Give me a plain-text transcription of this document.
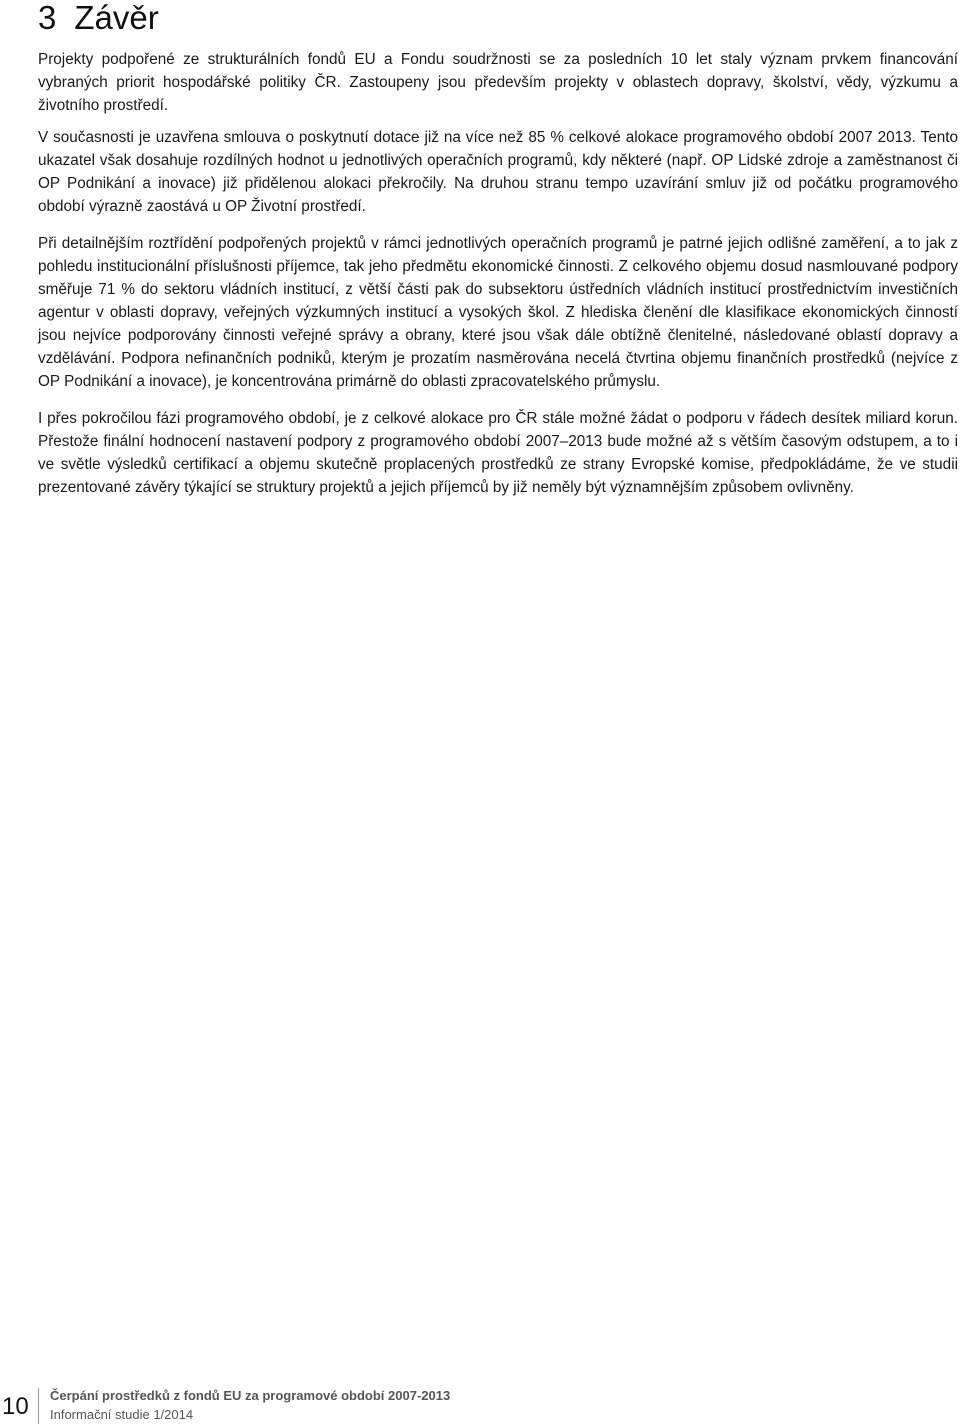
3 Závěr

Projekty podpořené ze strukturálních fondů EU a Fondu soudržnosti se za posledních 10 let staly význam prvkem financování vybraných priorit hospodářské politiky ČR. Zastoupeny jsou především projekty v oblastech dopravy, školství, vědy, výzkumu a životního prostředí.

V současnosti je uzavřena smlouva o poskytnutí dotace již na více než 85 % celkové alokace programového období 2007 2013. Tento ukazatel však dosahuje rozdílných hodnot u jednotlivých operačních programů, kdy některé (např. OP Lidské zdroje a zaměstnanost či OP Podnikání a inovace) již přidělenou alokaci překročily. Na druhou stranu tempo uzavírání smluv již od počátku programového období výrazně zaostává u OP Životní prostředí.

Při detailnějším roztřídění podpořených projektů v rámci jednotlivých operačních programů je patrné jejich odlišné zaměření, a to jak z pohledu institucionální příslušnosti příjemce, tak jeho předmětu ekonomické činnosti. Z celkového objemu dosud nasmlouvané podpory směřuje 71 % do sektoru vládních institucí, z větší části pak do subsektoru ústředních vládních institucí prostřednictvím investičních agentur v oblasti dopravy, veřejných výzkumných institucí a vysokých škol. Z hlediska členění dle klasifikace ekonomických činností jsou nejvíce podporovány činnosti veřejné správy a obrany, které jsou však dále obtížně členitelné, následované oblastí dopravy a vzdělávání. Podpora nefinančních podniků, kterým je prozatím nasměrována necelá čtvrtina objemu finančních prostředků (nejvíce z OP Podnikání a inovace), je koncentrována primárně do oblasti zpracovatelského průmyslu.

I přes pokročilou fázi programového období, je z celkové alokace pro ČR stále možné žádat o podporu v řádech desítek miliard korun. Přestože finální hodnocení nastavení podpory z programového období 2007–2013 bude možné až s větším časovým odstupem, a to i ve světle výsledků certifikací a objemu skutečně proplacených prostředků ze strany Evropské komise, předpokládáme, že ve studii prezentované závěry týkající se struktury projektů a jejich příjemců by již neměly být významnějším způsobem ovlivněny.

10 Čerpání prostředků z fondů EU za programové období 2007-2013
Informační studie 1/2014
